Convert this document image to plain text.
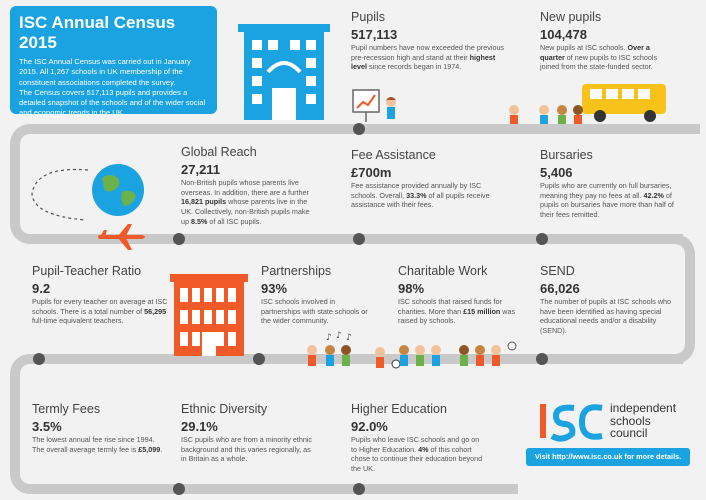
ISC Annual Census 2015

The ISC Annual Census was carried out in January 2015. All 1,267 schools in UK membership of the constituent associations completed the survey.

The Census covers 517,113 pupils and provides a detailed snapshot of the schools and of the wider social and economic trends in the UK.

Pupils
517,113
Pupil numbers have now exceeded the previous pre-recession high and stand at their highest level since records began in 1974.
New pupils
104,478
New pupils at ISC schools. Over a quarter of new pupils to ISC schools joined from the state-funded sector.
Global Reach
27,211
Non-British pupils whose parents live overseas. In addition, there are a further 16,821 pupils whose parents live in the UK. Collectively, non-British pupils make up 8.5% of all ISC pupils.
Fee Assistance
£700m
Fee assistance provided annually by ISC schools. Overall, 33.3% of all pupils receive assistance with their fees.
Bursaries
5,406
Pupils who are currently on full bursaries, meaning they pay no fees at all. 42.2% of pupils on bursaries have more than half of their fees remitted.
Pupil-Teacher Ratio
9.2
Pupils for every teacher on average at ISC schools. There is a total number of 56,295 full-time equivalent teachers.
Partnerships
93%
ISC schools involved in partnerships with state schools or the wider community.
Charitable Work
98%
ISC schools that raised funds for charities. More than £15 million was raised by schools.
SEND
66,026
The number of pupils at ISC schools who have been identified as having special educational needs and/or a disability (SEND).
♪ ♪ ♪
Termly Fees
3.5%
The lowest annual fee rise since 1994. The overall average termly fee is £5,099.
Ethnic Diversity
29.1%
ISC pupils who are from a minority ethnic background and this varies regionally, as in Britain as a whole.
Higher Education
92.0%
Pupils who leave ISC schools and go on to Higher Education. 4% of this cohort chose to continue their education beyond the UK.
independent
schools
council
Visit http://www.isc.co.uk for more details.
